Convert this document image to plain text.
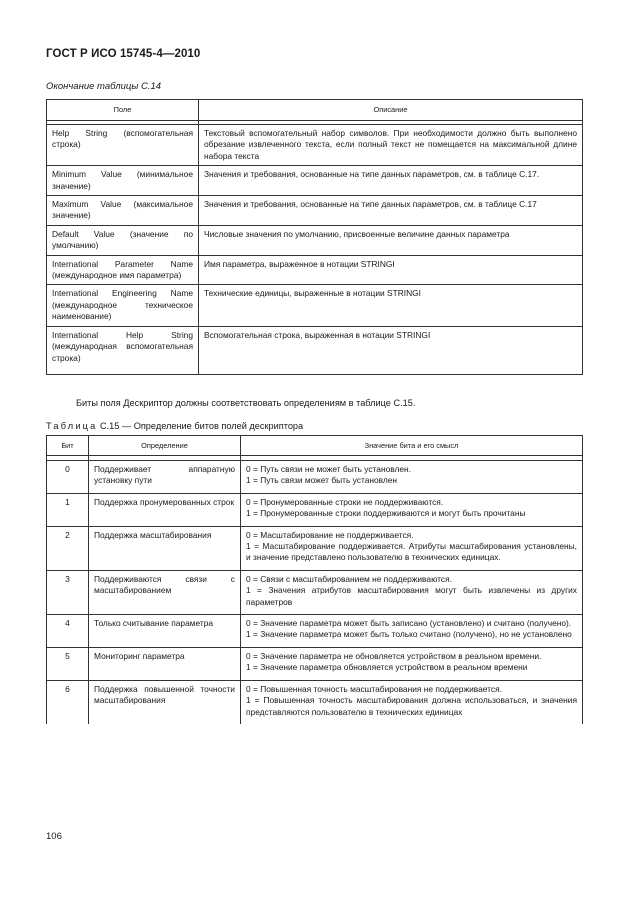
ГОСТ Р ИСО 15745-4—2010
Окончание таблицы С.14
Поле	Описание

Help String (вспомогательная строка)	Текстовый вспомогательный набор символов. При необходимости должно быть выполнено обрезание извлеченного текста, если полный текст не помещается на максимальной длине набора текста
Minimum Value (минимальное значение)	Значения и требования, основанные на типе данных параметров, см. в таблице С.17.
Maximum Value (максимальное значение)	Значения и требования, основанные на типе данных параметров, см. в таблице С.17
Default Value (значение по умолчанию)	Числовые значения по умолчанию, присвоенные величине данных параметра
International Parameter Name (международное имя параметра)	Имя параметра, выраженное в нотации STRINGI
International Engineering Name (международное техническое наименование)	Технические единицы, выраженные в нотации STRINGI
International Help String (международная вспомогательная строка)	Вспомогательная строка, выраженная в нотации STRINGI
Биты поля Дескриптор должны соответствовать определениям в таблице С.15.
Таблица С.15 — Определение битов полей дескриптора
Бит	Определение	Значение бита и его смысл

0	Поддерживает аппаратную установку пути	0 = Путь связи не может быть установлен.

1 = Путь связи может быть установлен

1	Поддержка пронумерованных строк	0 = Пронумерованные строки не поддерживаются.

1 = Пронумерованные строки поддерживаются и могут быть прочитаны

2	Поддержка масштабирования	0 = Масштабирование не поддерживается.

1 = Масштабирование поддерживается. Атрибуты масштабирования установлены, и значение представлено пользователю в технических единицах.

3	Поддерживаются связи с масштабированием	0 = Связи с масштабированием не поддерживаются.

1 = Значения атрибутов масштабирования могут быть извлечены из других параметров

4	Только считывание параметра	0 = Значение параметра может быть записано (установлено) и считано (получено).

1 = Значение параметра может быть только считано (получено), но не установлено

5	Мониторинг параметра	0 = Значение параметра не обновляется устройством в реальном времени.

1 = Значение параметра обновляется устройством в реальном времени

6	Поддержка повышенной точности масштабирования	0 = Повышенная точность масштабирования не поддерживается.

1 = Повышенная точность масштабирования должна использоваться, и значения представляются пользователю в технических единицах

106
